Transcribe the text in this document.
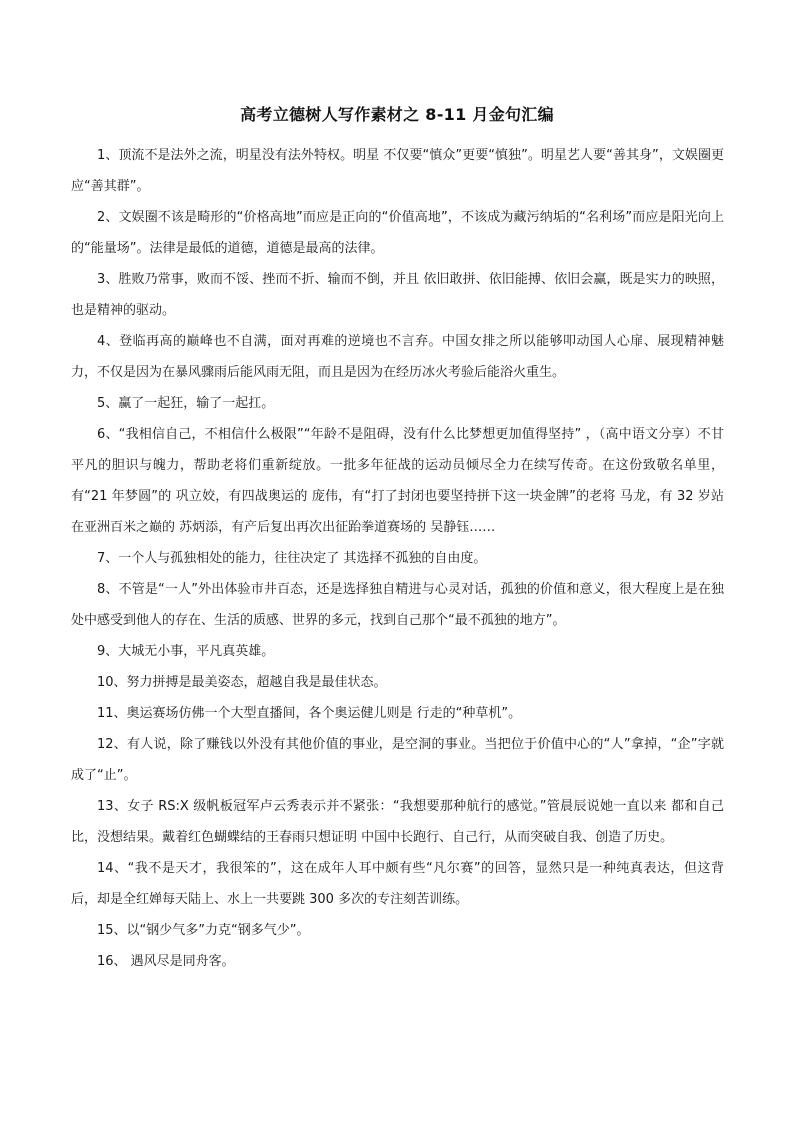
高考立德树人写作素材之 8-11 月金句汇编

1、顶流不是法外之流，明星没有法外特权。明星 不仅要“慎众”更要“慎独”。明星艺人要“善其身”，文娱圈更应“善其群”。

2、文娱圈不该是畸形的“价格高地”而应是正向的“价值高地”，不该成为藏污纳垢的“名利场”而应是阳光向上的“能量场”。法律是最低的道德，道德是最高的法律。

3、胜败乃常事，败而不馁、挫而不折、输而不倒，并且 依旧敢拼、依旧能搏、依旧会赢，既是实力的映照，也是精神的驱动。

4、登临再高的巅峰也不自满，面对再难的逆境也不言弃。中国女排之所以能够叩动国人心扉、展现精神魅力，不仅是因为在暴风骤雨后能风雨无阻，而且是因为在经历冰火考验后能浴火重生。

5、赢了一起狂，输了一起扛。

6、“我相信自己，不相信什么极限”“年龄不是阻碍，没有什么比梦想更加值得坚持” ，（高中语文分享）不甘平凡的胆识与魄力，帮助老将们重新绽放。一批多年征战的运动员倾尽全力在续写传奇。在这份致敬名单里，有“21 年梦圆”的 巩立姣，有四战奥运的 庞伟，有“打了封闭也要坚持拼下这一块金牌”的老将 马龙，有 32 岁站在亚洲百米之巅的 苏炳添，有产后复出再次出征跆拳道赛场的 吴静钰……

7、一个人与孤独相处的能力，往往决定了 其选择不孤独的自由度。

8、不管是“一人”外出体验市井百态，还是选择独自精进与心灵对话，孤独的价值和意义，很大程度上是在独处中感受到他人的存在、生活的质感、世界的多元，找到自己那个“最不孤独的地方”。

9、大城无小事，平凡真英雄。

10、努力拼搏是最美姿态，超越自我是最佳状态。

11、奥运赛场仿佛一个大型直播间，各个奥运健儿则是 行走的“种草机”。

12、有人说，除了赚钱以外没有其他价值的事业，是空洞的事业。当把位于价值中心的“人”拿掉，“企”字就成了“止”。

13、女子 RS:X 级帆板冠军卢云秀表示并不紧张：“我想要那种航行的感觉。”管晨辰说她一直以来 都和自己比，没想结果。戴着红色蝴蝶结的王春雨只想证明 中国中长跑行、自己行，从而突破自我、创造了历史。

14、“我不是天才，我很笨的”，这在成年人耳中颇有些“凡尔赛”的回答，显然只是一种纯真表达，但这背后，却是全红婵每天陆上、水上一共要跳 300 多次的专注刻苦训练。

15、以“钢少气多”力克“钢多气少”。

16、 遇风尽是同舟客。
